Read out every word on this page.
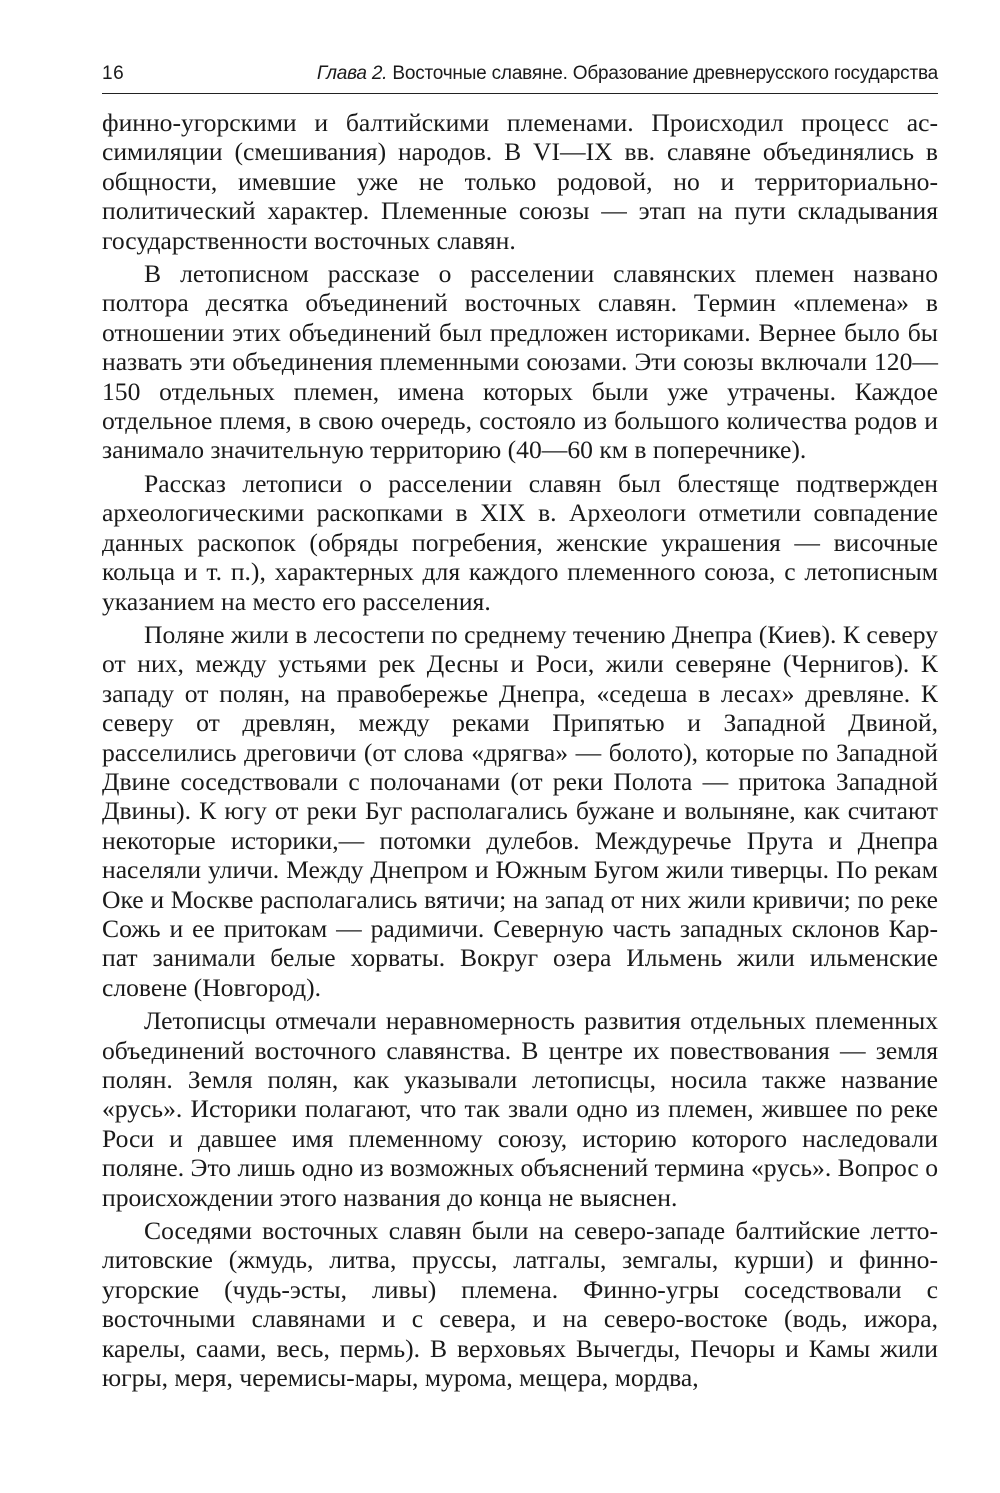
16	Глава 2. Восточные славяне. Образование древнерусского государства

финно-угорскими и балтийскими племенами. Происходил процесс ассимиляции (смешивания) народов. В VI—IX вв. славяне объединялись в общности, имевшие уже не только родовой, но и территориально-политический характер. Племенные союзы — этап на пути складывания государственности восточных славян.

В летописном рассказе о расселении славянских племен названо полтора десятка объединений восточных славян. Термин «племена» в отношении этих объединений был предложен историками. Вернее было бы назвать эти объединения племенными союзами. Эти союзы включали 120—150 отдельных племен, имена которых были уже утрачены. Каждое отдельное племя, в свою очередь, состояло из большого количества родов и занимало значительную территорию (40—60 км в поперечнике).

Рассказ летописи о расселении славян был блестяще подтвержден археологическими раскопками в XIX в. Археологи отметили совпадение данных раскопок (обряды погребения, женские украшения — височные кольца и т. п.), характерных для каждого племенного союза, с летописным указанием на место его расселения.

Поляне жили в лесостепи по среднему течению Днепра (Киев). К северу от них, между устьями рек Десны и Роси, жили северяне (Чернигов). К западу от полян, на правобережье Днепра, «седеша в лесах» древляне. К северу от древлян, между реками Припятью и Западной Двиной, расселились дреговичи (от слова «дрягва» — болото), которые по Западной Двине соседствовали с полочанами (от реки Полота — притока Западной Двины). К югу от реки Буг располагались бужане и волыняне, как считают некоторые историки,— потомки дулебов. Междуречье Прута и Днепра населяли уличи. Между Днепром и Южным Бугом жили тиверцы. По рекам Оке и Москве располагались вятичи; на запад от них жили кривичи; по реке Сожь и ее притокам — радимичи. Северную часть западных склонов Карпат занимали белые хорваты. Вокруг озера Ильмень жили ильменские словене (Новгород).

Летописцы отмечали неравномерность развития отдельных племенных объединений восточного славянства. В центре их повествования — земля полян. Земля полян, как указывали летописцы, носила также название «русь». Историки полагают, что так звали одно из племен, жившее по реке Роси и давшее имя племенному союзу, историю которого наследовали поляне. Это лишь одно из возможных объяснений термина «русь». Вопрос о происхождении этого названия до конца не выяснен.

Соседями восточных славян были на северо-западе балтийские летто-литовские (жмудь, литва, пруссы, латгалы, земгалы, курши) и финно-угорские (чудь-эсты, ливы) племена. Финно-угры соседствовали с восточными славянами и с севера, и на северо-востоке (водь, ижора, карелы, саами, весь, пермь). В верховьях Вычегды, Печоры и Камы жили югры, меря, черемисы-мары, мурома, мещера, мордва,
